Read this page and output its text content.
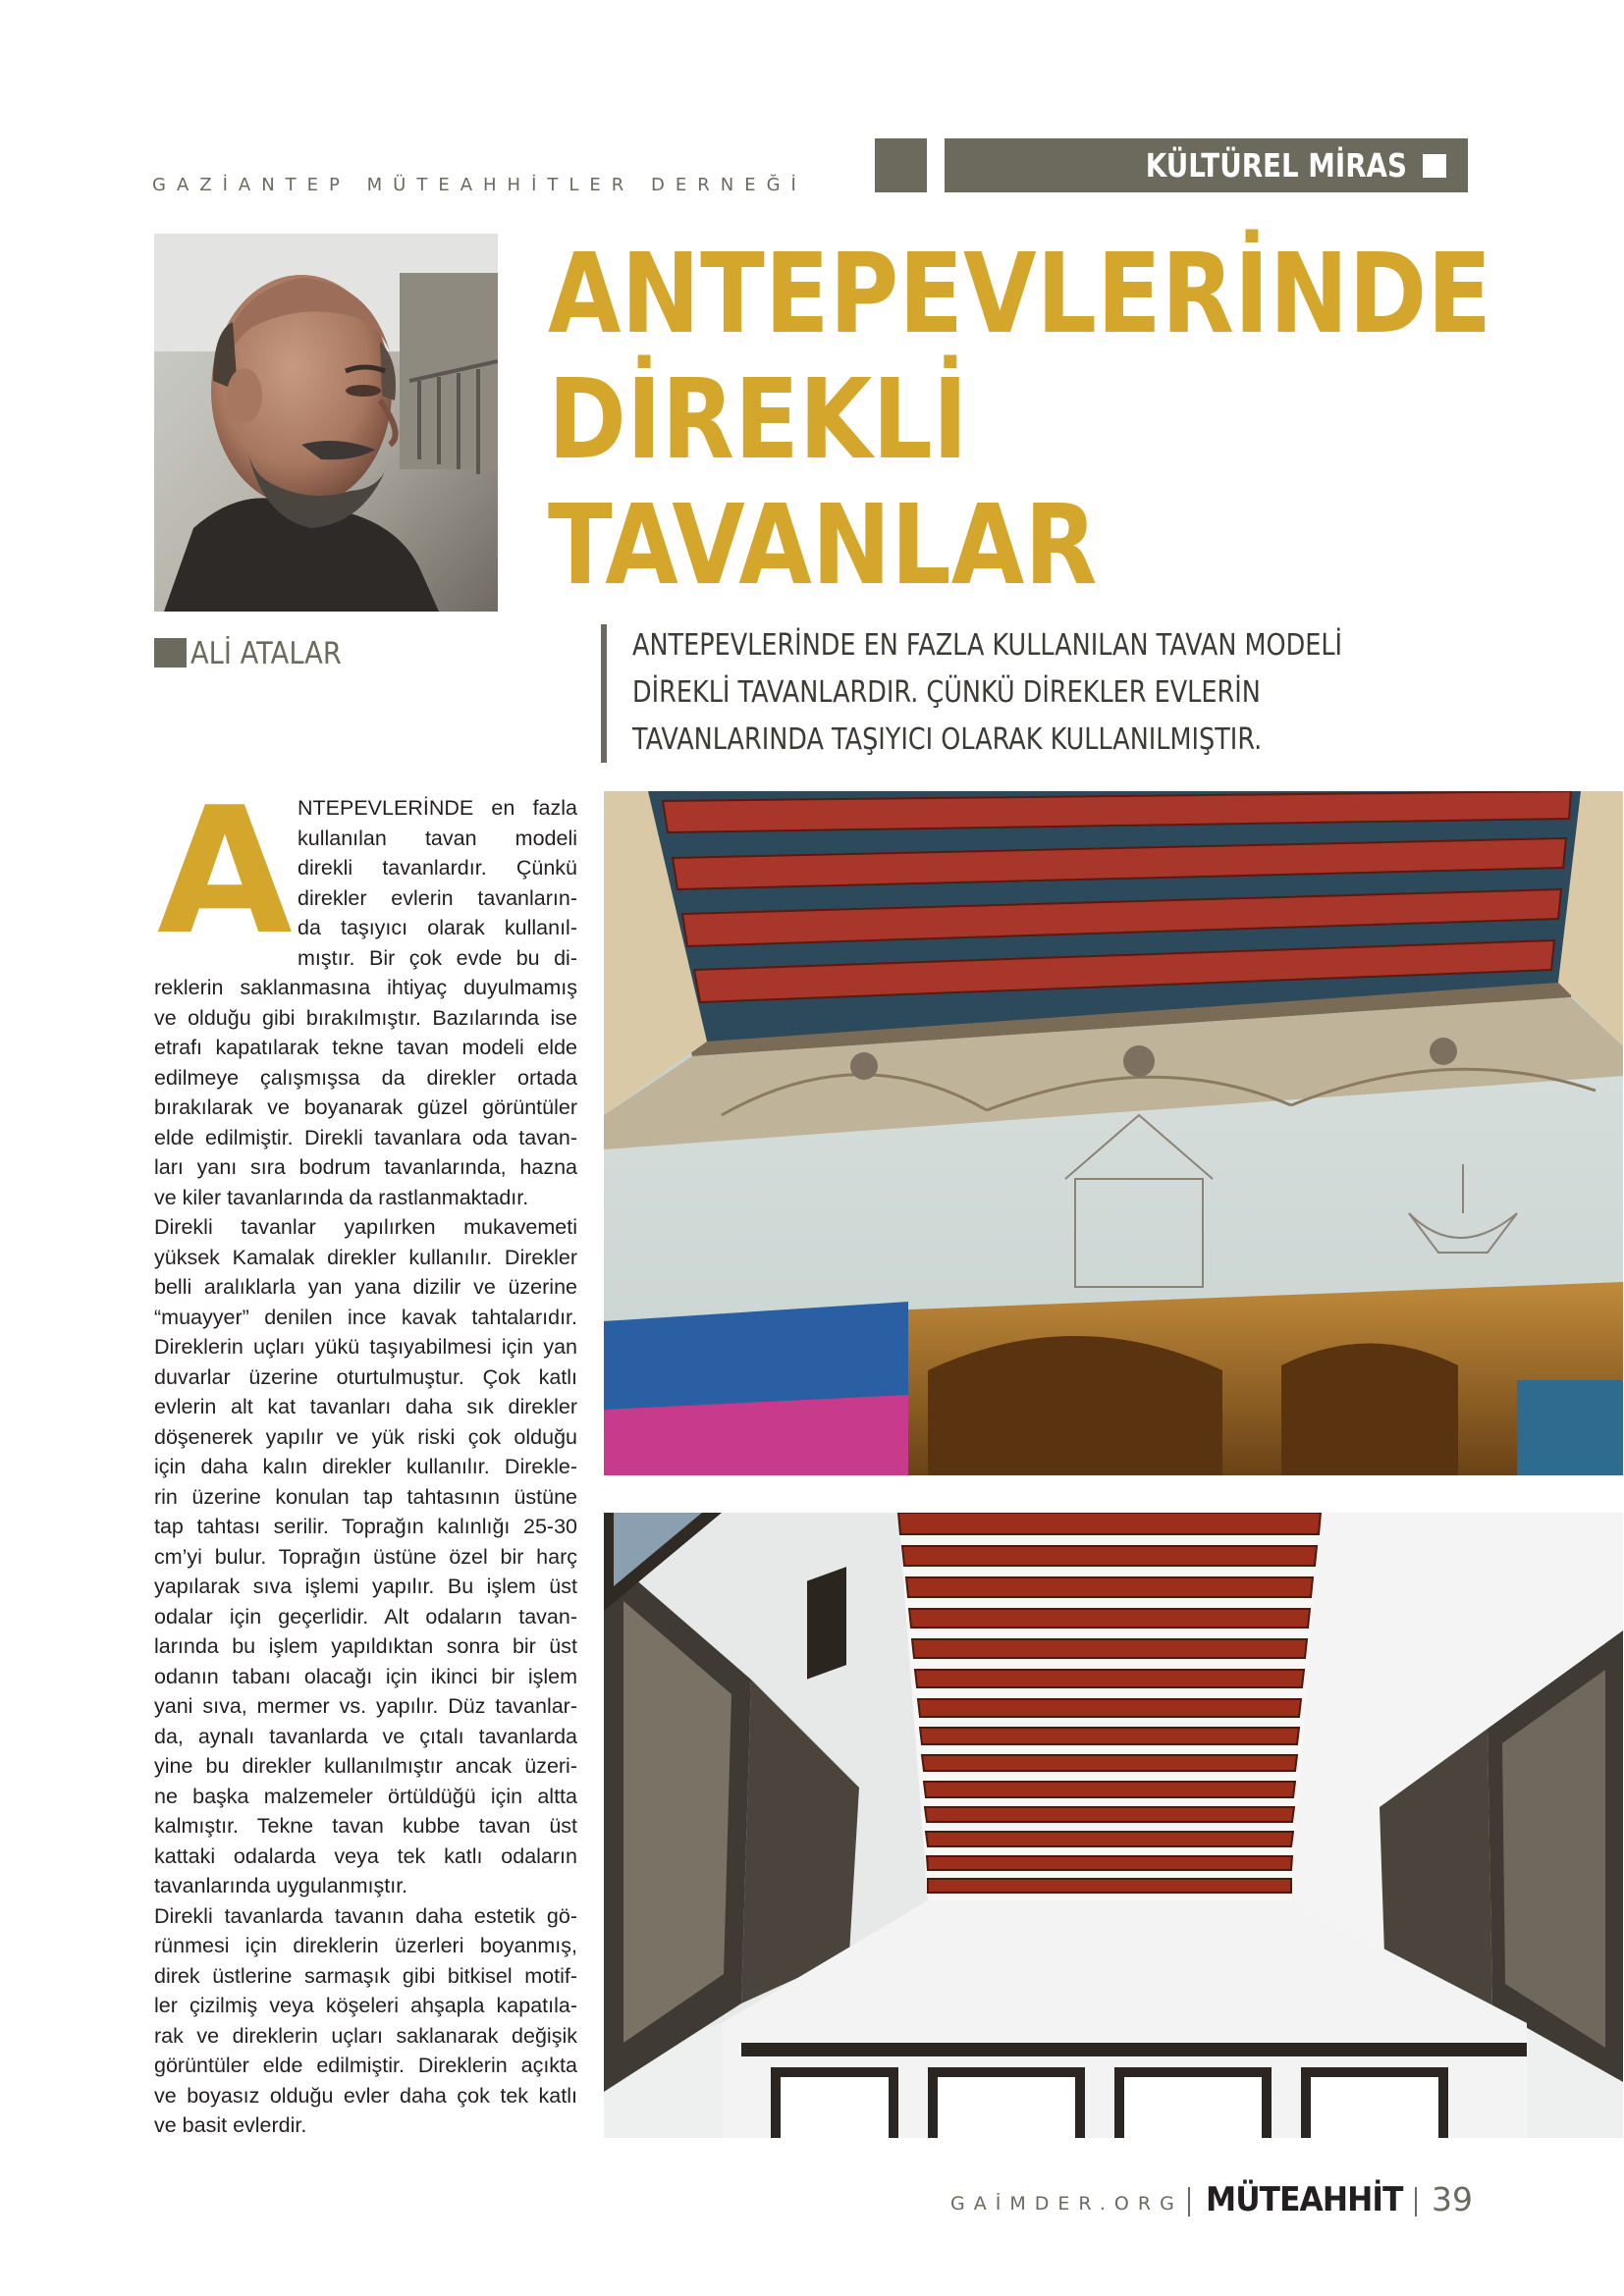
GAZİANTEP MÜTEAHHİTLER DERNEĞİ
KÜLTÜREL MİRAS
ANTEPEVLERİNDE
DİREKLİ
TAVANLAR
ALİ ATALAR	ANTEPEVLERİNDE EN FAZLA KULLANILAN TAVAN MODELİ
DİREKLİ TAVANLARDIR. ÇÜNKÜ DİREKLER EVLERİN
TAVANLARINDA TAŞIYICI OLARAK KULLANILMIŞTIR.
A NTEPEVLERİNDE en fazla
kullanılan tavan modeli
direkli tavanlardır. Çünkü
direkler evlerin tavanların-
da taşıyıcı olarak kullanıl-
mıştır. Bir çok evde bu di-
reklerin saklanmasına ihtiyaç duyulmamış
ve olduğu gibi bırakılmıştır. Bazılarında ise
etrafı kapatılarak tekne tavan modeli elde
edilmeye çalışmışsa da direkler ortada
bırakılarak ve boyanarak güzel görüntüler
elde edilmiştir. Direkli tavanlara oda tavan-
ları yanı sıra bodrum tavanlarında, hazna
ve kiler tavanlarında da rastlanmaktadır.
Direkli tavanlar yapılırken mukavemeti
yüksek Kamalak direkler kullanılır. Direkler
belli aralıklarla yan yana dizilir ve üzerine
“muayyer” denilen ince kavak tahtalarıdır.
Direklerin uçları yükü taşıyabilmesi için yan
duvarlar üzerine oturtulmuştur. Çok katlı
evlerin alt kat tavanları daha sık direkler
döşenerek yapılır ve yük riski çok olduğu
için daha kalın direkler kullanılır. Direkle-
rin üzerine konulan tap tahtasının üstüne
tap tahtası serilir. Toprağın kalınlığı 25-30
cm’yi bulur. Toprağın üstüne özel bir harç
yapılarak sıva işlemi yapılır. Bu işlem üst
odalar için geçerlidir. Alt odaların tavan-
larında bu işlem yapıldıktan sonra bir üst
odanın tabanı olacağı için ikinci bir işlem
yani sıva, mermer vs. yapılır. Düz tavanlar-
da, aynalı tavanlarda ve çıtalı tavanlarda
yine bu direkler kullanılmıştır ancak üzeri-
ne başka malzemeler örtüldüğü için altta
kalmıştır. Tekne tavan kubbe tavan üst
kattaki odalarda veya tek katlı odaların
tavanlarında uygulanmıştır.
Direkli tavanlarda tavanın daha estetik gö-
rünmesi için direklerin üzerleri boyanmış,
direk üstlerine sarmaşık gibi bitkisel motif-
ler çizilmiş veya köşeleri ahşapla kapatıla-
rak ve direklerin uçları saklanarak değişik
görüntüler elde edilmiştir. Direklerin açıkta
ve boyasız olduğu evler daha çok tek katlı
ve basit evlerdir.
GAİMDER.ORG MÜTEAHHİT 39
